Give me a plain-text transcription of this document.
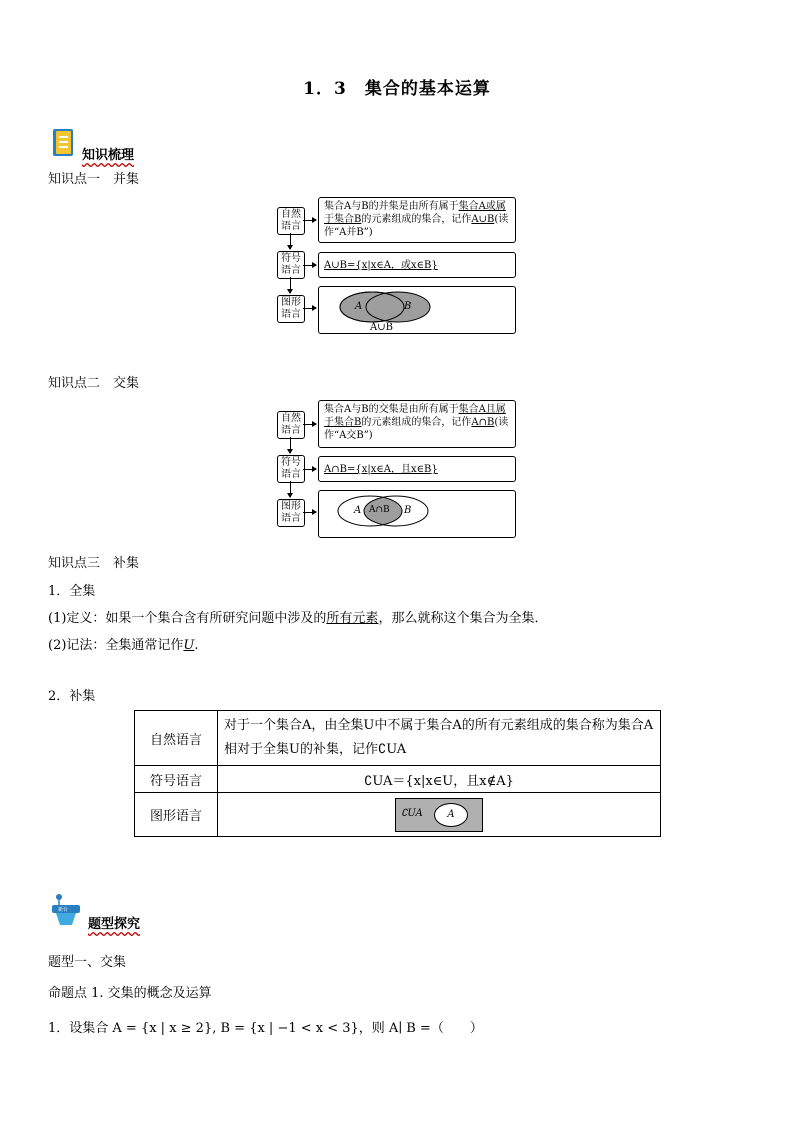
1．3　集合的基本运算
知识梳理
知识点一　并集
自然语言
集合A与B的并集是由所有属于集合A或属于集合B的元素组成的集合，记作A∪B(读作“A并B”)
符号语言	A∪B={x|x∈A，或x∈B}
图形语言
A	B
A∪B
知识点二　交集
自然语言
集合A与B的交集是由所有属于集合A且属于集合B的元素组成的集合，记作A∩B(读作“A交B”)
符号语言	A∩B={x|x∈A，且x∈B}
图形语言
A	B
A∩B
知识点三　补集
1．全集
(1)定义：如果一个集合含有所研究问题中涉及的所有元素，那么就称这个集合为全集．
(2)记法：全集通常记作U.
2．补集
自然语言	对于一个集合A，由全集U中不属于集合A的所有元素组成的集合称为集合A相对于全集U的补集，记作∁UA
符号语言	∁UA＝{x|x∈U，且x∉A}
图形语言	∁UA A
新台
题型探究
题型一、交集
命题点 1. 交集的概念及运算
1．设集合 A = {x | x ≥ 2}, B = {x | −1 < x < 3}，则 A∣ B =（　　）
